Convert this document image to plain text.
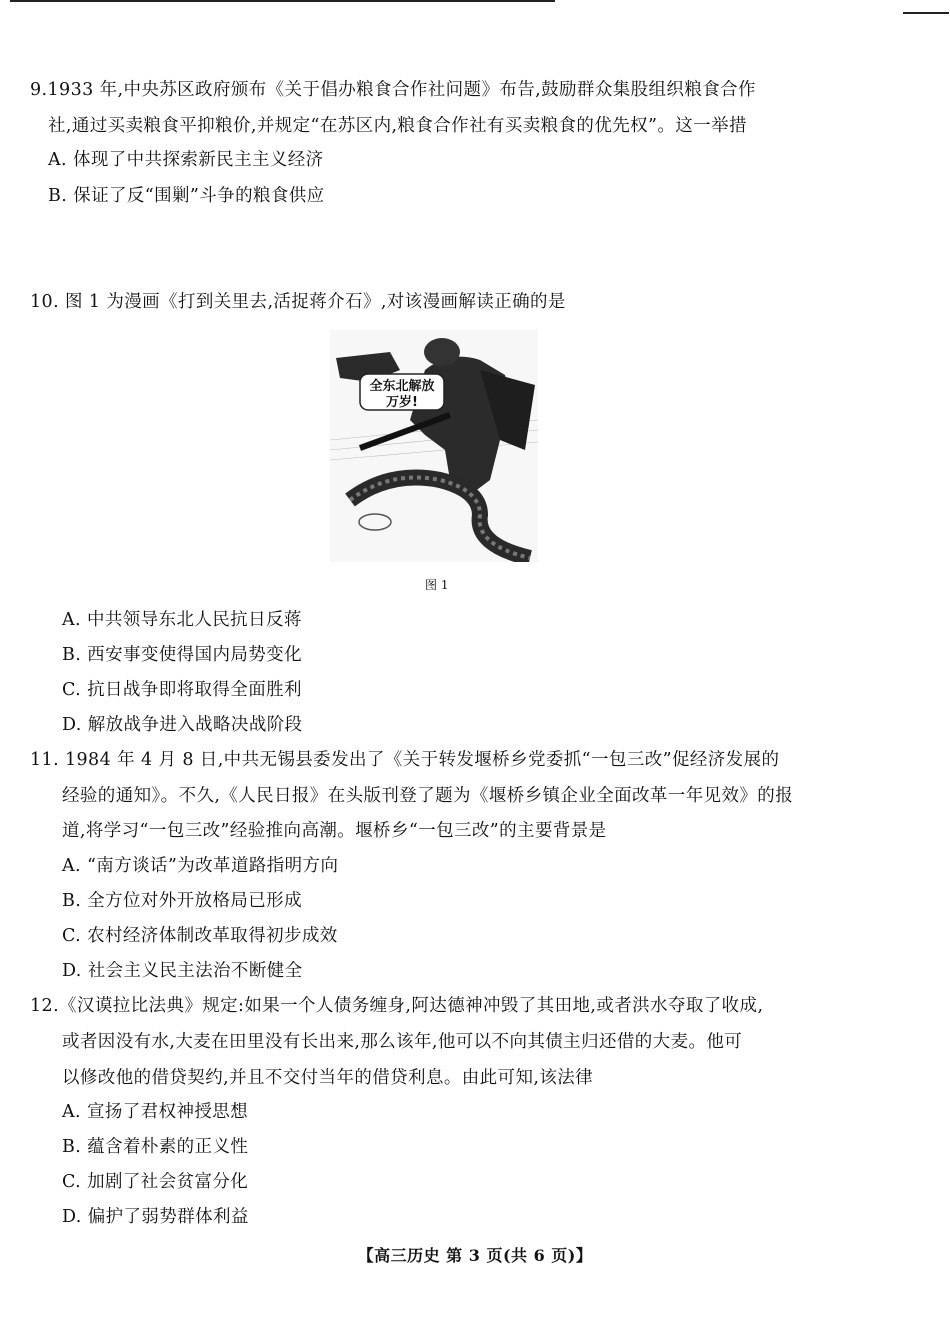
9.1933 年,中央苏区政府颁布《关于倡办粮食合作社问题》布告,鼓励群众集股组织粮食合作
社,通过买卖粮食平抑粮价,并规定“在苏区内,粮食合作社有买卖粮食的优先权”。这一举措
A. 体现了中共探索新民主主义经济
B. 保证了反“围剿”斗争的粮食供应
10. 图 1 为漫画《打到关里去,活捉蒋介石》,对该漫画解读正确的是
全东北解放
万岁!
图 1
A. 中共领导东北人民抗日反蒋
B. 西安事变使得国内局势变化
C. 抗日战争即将取得全面胜利
D. 解放战争进入战略决战阶段
11. 1984 年 4 月 8 日,中共无锡县委发出了《关于转发堰桥乡党委抓“一包三改”促经济发展的
经验的通知》。不久,《人民日报》在头版刊登了题为《堰桥乡镇企业全面改革一年见效》的报
道,将学习“一包三改”经验推向高潮。堰桥乡“一包三改”的主要背景是
A. “南方谈话”为改革道路指明方向
B. 全方位对外开放格局已形成
C. 农村经济体制改革取得初步成效
D. 社会主义民主法治不断健全
12.《汉谟拉比法典》规定:如果一个人债务缠身,阿达德神冲毁了其田地,或者洪水夺取了收成,
或者因没有水,大麦在田里没有长出来,那么该年,他可以不向其债主归还借的大麦。他可
以修改他的借贷契约,并且不交付当年的借贷利息。由此可知,该法律
A. 宣扬了君权神授思想
B. 蕴含着朴素的正义性
C. 加剧了社会贫富分化
D. 偏护了弱势群体利益
【高三历史 第 3 页(共 6 页)】
